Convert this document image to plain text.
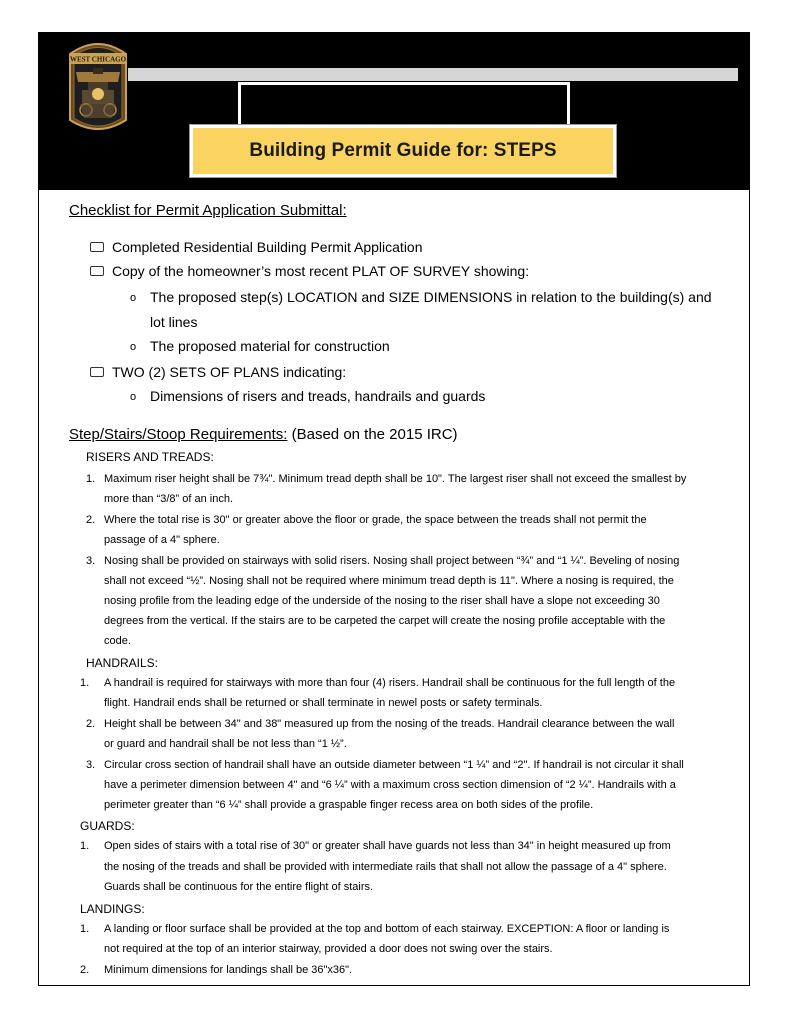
Building Permit Guide for: STEPS
WEST CHICAGO
Checklist for Permit Application Submittal:
Completed Residential Building Permit Application
Copy of the homeowner’s most recent PLAT OF SURVEY showing:
o The proposed step(s) LOCATION and SIZE DIMENSIONS in relation to the building(s) and
lot lines
o The proposed material for construction
TWO (2) SETS OF PLANS indicating:
o Dimensions of risers and treads, handrails and guards
Step/Stairs/Stoop Requirements: (Based on the 2015 IRC)
RISERS AND TREADS:
1. Maximum riser height shall be 7¾". Minimum tread depth shall be 10". The largest riser shall not exceed the smallest by
more than “3/8” of an inch.
2. Where the total rise is 30" or greater above the floor or grade, the space between the treads shall not permit the
passage of a 4" sphere.
3. Nosing shall be provided on stairways with solid risers. Nosing shall project between “¾” and “1 ¼”. Beveling of nosing
shall not exceed “½”. Nosing shall not be required where minimum tread depth is 11". Where a nosing is required, the
nosing profile from the leading edge of the underside of the nosing to the riser shall have a slope not exceeding 30
degrees from the vertical. If the stairs are to be carpeted the carpet will create the nosing profile acceptable with the
code.
HANDRAILS:
1. A handrail is required for stairways with more than four (4) risers. Handrail shall be continuous for the full length of the
flight. Handrail ends shall be returned or shall terminate in newel posts or safety terminals.
2. Height shall be between 34" and 38" measured up from the nosing of the treads. Handrail clearance between the wall
or guard and handrail shall be not less than “1 ½”.
3. Circular cross section of handrail shall have an outside diameter between “1 ¼” and “2". If handrail is not circular it shall
have a perimeter dimension between 4" and “6 ¼” with a maximum cross section dimension of “2 ¼”. Handrails with a
perimeter greater than “6 ¼” shall provide a graspable finger recess area on both sides of the profile.
GUARDS:
1. Open sides of stairs with a total rise of 30" or greater shall have guards not less than 34" in height measured up from
the nosing of the treads and shall be provided with intermediate rails that shall not allow the passage of a 4" sphere.
Guards shall be continuous for the entire flight of stairs.
LANDINGS:
1. A landing or floor surface shall be provided at the top and bottom of each stairway. EXCEPTION: A floor or landing is
not required at the top of an interior stairway, provided a door does not swing over the stairs.
2. Minimum dimensions for landings shall be 36"x36".
